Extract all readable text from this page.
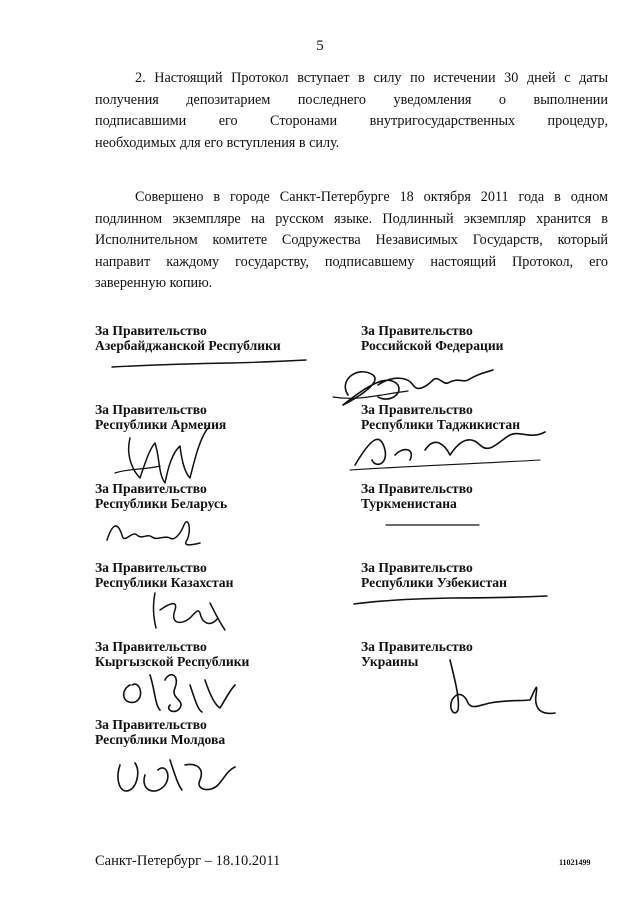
5
2. Настоящий Протокол вступает в силу по истечении 30 дней с даты
получения депозитарием последнего уведомления о выполнении
подписавшими его Сторонами внутригосударственных процедур,
необходимых для его вступления в силу.
Совершено в городе Санкт-Петербурге 18 октября 2011 года в одном
подлинном экземпляре на русском языке. Подлинный экземпляр хранится в
Исполнительном комитете Содружества Независимых Государств, который
направит каждому государству, подписавшему настоящий Протокол, его
заверенную копию.
За Правительство
Азербайджанской Республики
За Правительство
Республики Армения
За Правительство
Республики Беларусь
За Правительство
Республики Казахстан
За Правительство
Кыргызской Республики
За Правительство
Республики Молдова
За Правительство
Российской Федерации
За Правительство
Республики Таджикистан
За Правительство
Туркменистана
За Правительство
Республики Узбекистан
За Правительство
Украины
Санкт-Петербург – 18.10.2011	11021499
